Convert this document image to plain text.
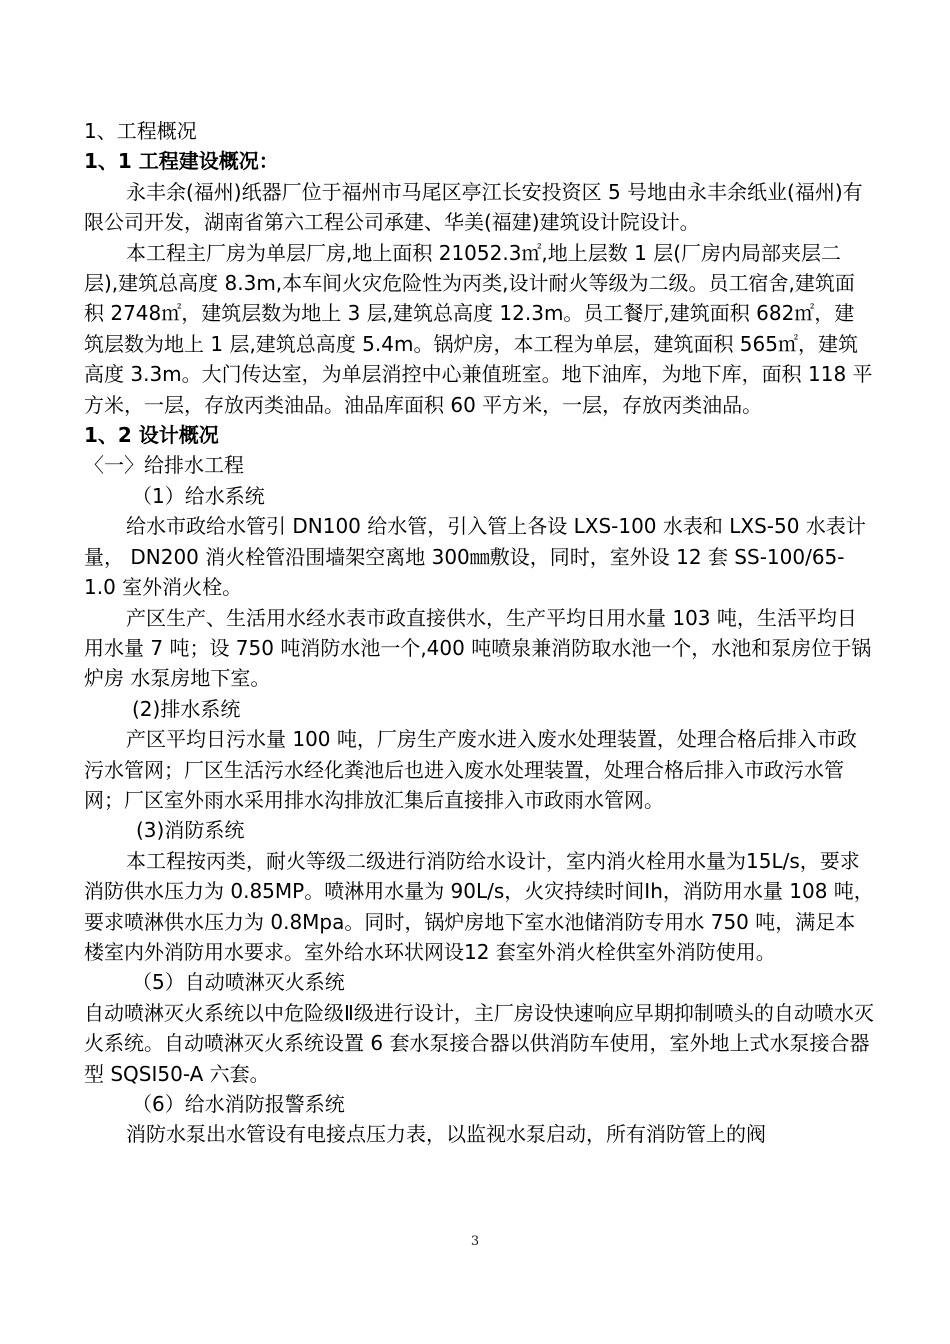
1、工程概况

1、1 工程建设概况：

永丰余(福州)纸器厂位于福州市马尾区亭江长安投资区 5 号地由永丰余纸业(福州)有限公司开发，湖南省第六工程公司承建、华美(福建)建筑设计院设计。

本工程主厂房为单层厂房,地上面积 21052.3㎡,地上层数 1 层(厂房内局部夹层二层),建筑总高度 8.3m,本车间火灾危险性为丙类,设计耐火等级为二级。员工宿舍,建筑面积 2748㎡，建筑层数为地上 3 层,建筑总高度 12.3m。员工餐厅,建筑面积 682㎡，建筑层数为地上 1 层,建筑总高度 5.4m。锅炉房，本工程为单层，建筑面积 565㎡，建筑高度 3.3m。大门传达室，为单层消控中心兼值班室。地下油库，为地下库，面积 118 平方米，一层，存放丙类油品。油品库面积 60 平方米，一层，存放丙类油品。

1、2 设计概况

〈一〉给排水工程

（1）给水系统

给水市政给水管引 DN100 给水管，引入管上各设 LXS-100 水表和 LXS-50 水表计量， DN200 消火栓管沿围墙架空离地 300㎜敷设，同时，室外设 12 套 SS-100/65-1.0 室外消火栓。

产区生产、生活用水经水表市政直接供水，生产平均日用水量 103 吨，生活平均日用水量 7 吨；设 750 吨消防水池一个,400 吨喷泉兼消防取水池一个，水池和泵房位于锅炉房 水泵房地下室。

(2)排水系统

产区平均日污水量 100 吨，厂房生产废水进入废水处理装置，处理合格后排入市政污水管网；厂区生活污水经化粪池后也进入废水处理装置，处理合格后排入市政污水管网；厂区室外雨水采用排水沟排放汇集后直接排入市政雨水管网。

(3)消防系统

本工程按丙类，耐火等级二级进行消防给水设计，室内消火栓用水量为15L/s，要求消防供水压力为 0.85MP。喷淋用水量为 90L/s，火灾持续时间Ih，消防用水量 108 吨，要求喷淋供水压力为 0.8Mpa。同时，锅炉房地下室水池储消防专用水 750 吨，满足本楼室内外消防用水要求。室外给水环状网设12 套室外消火栓供室外消防使用。

（5）自动喷淋灭火系统

自动喷淋灭火系统以中危险级Ⅱ级进行设计，主厂房设快速响应早期抑制喷头的自动喷水灭火系统。自动喷淋灭火系统设置 6 套水泵接合器以供消防车使用，室外地上式水泵接合器型 SQSI50-A 六套。

（6）给水消防报警系统

消防水泵出水管设有电接点压力表，以监视水泵启动，所有消防管上的阀

3
